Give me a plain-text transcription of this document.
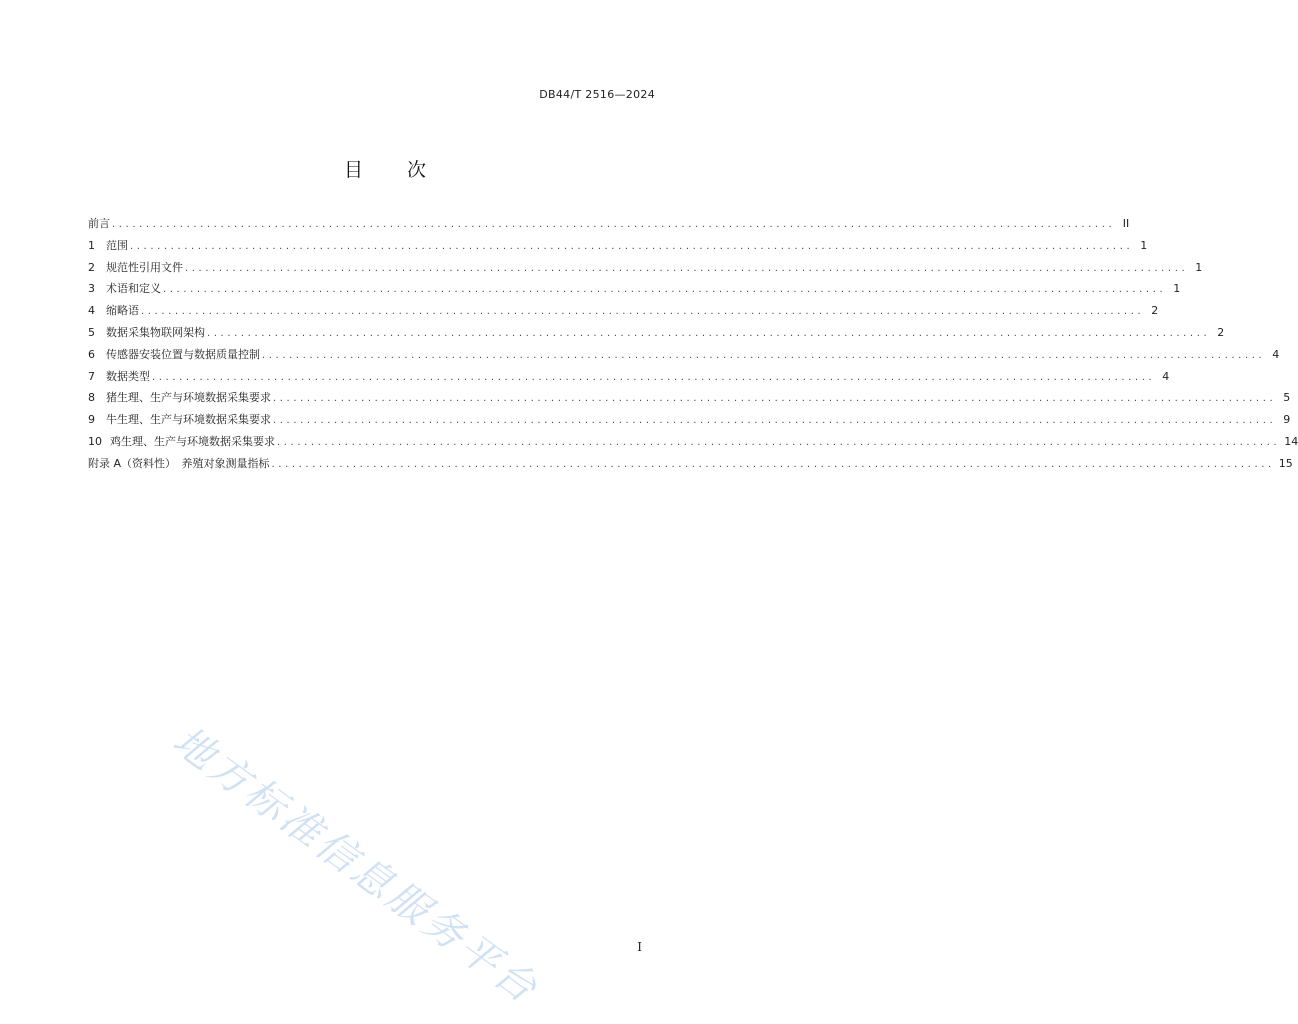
DB44/T 2516—2024
目 次
前言 .................................................................................................................................................... II
1	范围 .................................................................................................................................................... 1
2	规范性引用文件 .................................................................................................................................................... 1
3	术语和定义 .................................................................................................................................................... 1
4	缩略语 .................................................................................................................................................... 2
5	数据采集物联网架构 .................................................................................................................................................... 2
6	传感器安装位置与数据质量控制 .................................................................................................................................................... 4
7	数据类型 .................................................................................................................................................... 4
8	猪生理、生产与环境数据采集要求 .................................................................................................................................................... 5
9	牛生理、生产与环境数据采集要求 .................................................................................................................................................... 9
10 鸡生理、生产与环境数据采集要求 .................................................................................................................................................... 14
附录 A（资料性）　养殖对象测量指标 .................................................................................................................................................... 15
地方标准信息服务平台	I
